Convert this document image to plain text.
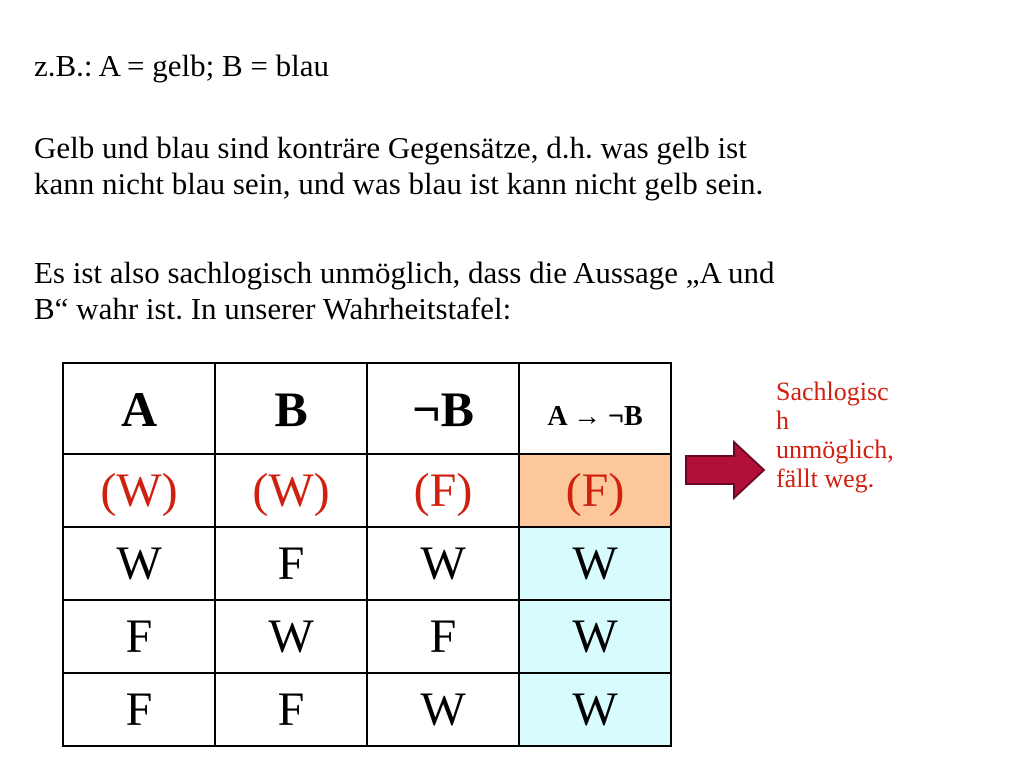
z.B.: A = gelb; B = blau

Gelb und blau sind konträre Gegensätze, d.h. was gelb ist
kann nicht blau sein, und was blau ist kann nicht gelb sein.

Es ist also sachlogisch unmöglich, dass die Aussage „A und
B“ wahr ist. In unserer Wahrheitstafel:

A	B	¬B	A → ¬B
(W)	(W)	(F)	(F)
W	F	W	W
F	W	F	W
F	F	W	W
Sachlogisc
h
unmöglich,
fällt weg.
